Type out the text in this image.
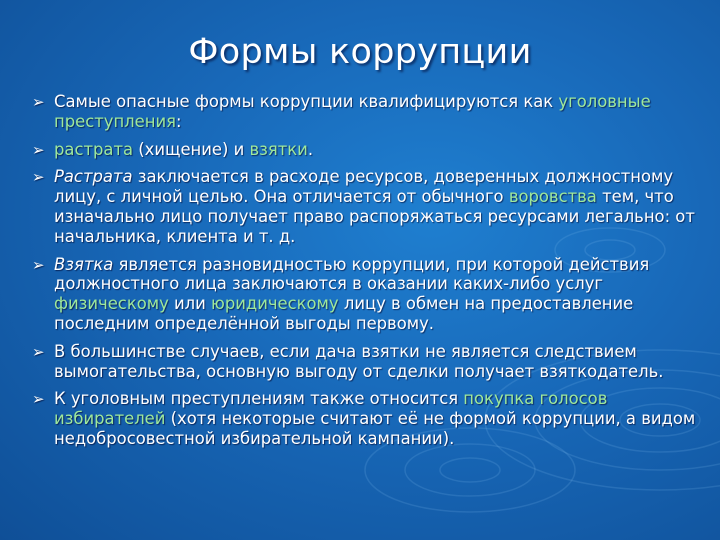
Формы коррупции
➢ Самые опасные формы коррупции квалифицируются как уголовные преступления:
➢ растрата (хищение) и взятки.
➢ Растрата заключается в расходе ресурсов, доверенных должностному лицу, с личной целью. Она отличается от обычного воровства тем, что изначально лицо получает право распоряжаться ресурсами легально: от начальника, клиента и т. д.
➢ Взятка является разновидностью коррупции, при которой действия должностного лица заключаются в оказании каких-либо услуг физическому или юридическому лицу в обмен на предоставление последним определённой выгоды первому.
➢ В большинстве случаев, если дача взятки не является следствием вымогательства, основную выгоду от сделки получает взяткодатель.
➢ К уголовным преступлениям также относится покупка голосов избирателей (хотя некоторые считают её не формой коррупции, а видом недобросовестной избирательной кампании).
